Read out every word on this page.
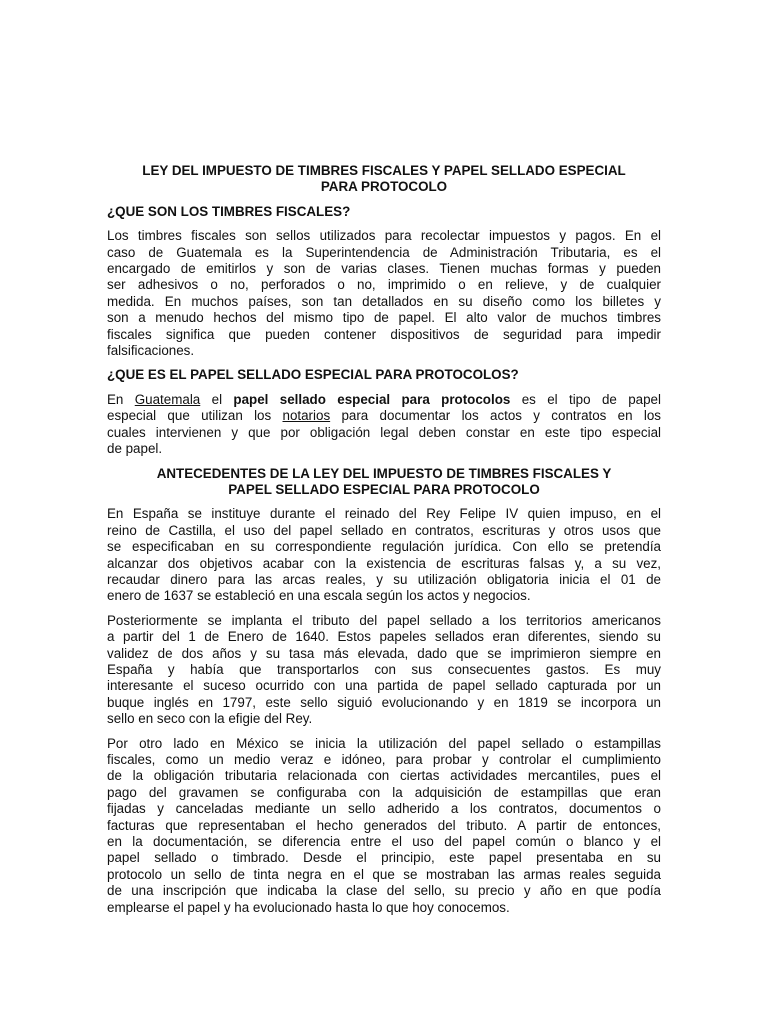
LEY DEL IMPUESTO DE TIMBRES FISCALES Y PAPEL SELLADO ESPECIAL
PARA PROTOCOLO
¿QUE SON LOS TIMBRES FISCALES?
Los timbres fiscales son sellos utilizados para recolectar impuestos y pagos. En el
caso de Guatemala es la Superintendencia de Administración Tributaria, es el
encargado de emitirlos y son de varias clases. Tienen muchas formas y pueden
ser adhesivos o no, perforados o no, imprimido o en relieve, y de cualquier
medida. En muchos países, son tan detallados en su diseño como los billetes y
son a menudo hechos del mismo tipo de papel. El alto valor de muchos timbres
fiscales significa que pueden contener dispositivos de seguridad para impedir
falsificaciones.
¿QUE ES EL PAPEL SELLADO ESPECIAL PARA PROTOCOLOS?
En Guatemala el papel sellado especial para protocolos es el tipo de papel
especial que utilizan los notarios para documentar los actos y contratos en los
cuales intervienen y que por obligación legal deben constar en este tipo especial
de papel.
ANTECEDENTES DE LA LEY DEL IMPUESTO DE TIMBRES FISCALES Y
PAPEL SELLADO ESPECIAL PARA PROTOCOLO
En España se instituye durante el reinado del Rey Felipe IV quien impuso, en el
reino de Castilla, el uso del papel sellado en contratos, escrituras y otros usos que
se especificaban en su correspondiente regulación jurídica. Con ello se pretendía
alcanzar dos objetivos acabar con la existencia de escrituras falsas y, a su vez,
recaudar dinero para las arcas reales, y su utilización obligatoria inicia el 01 de
enero de 1637 se estableció en una escala según los actos y negocios.
Posteriormente se implanta el tributo del papel sellado a los territorios americanos
a partir del 1 de Enero de 1640. Estos papeles sellados eran diferentes, siendo su
validez de dos años y su tasa más elevada, dado que se imprimieron siempre en
España y había que transportarlos con sus consecuentes gastos. Es muy
interesante el suceso ocurrido con una partida de papel sellado capturada por un
buque inglés en 1797, este sello siguió evolucionando y en 1819 se incorpora un
sello en seco con la efigie del Rey.
Por otro lado en México se inicia la utilización del papel sellado o estampillas
fiscales, como un medio veraz e idóneo, para probar y controlar el cumplimiento
de la obligación tributaria relacionada con ciertas actividades mercantiles, pues el
pago del gravamen se configuraba con la adquisición de estampillas que eran
fijadas y canceladas mediante un sello adherido a los contratos, documentos o
facturas que representaban el hecho generados del tributo. A partir de entonces,
en la documentación, se diferencia entre el uso del papel común o blanco y el
papel sellado o timbrado. Desde el principio, este papel presentaba en su
protocolo un sello de tinta negra en el que se mostraban las armas reales seguida
de una inscripción que indicaba la clase del sello, su precio y año en que podía
emplearse el papel y ha evolucionado hasta lo que hoy conocemos.
